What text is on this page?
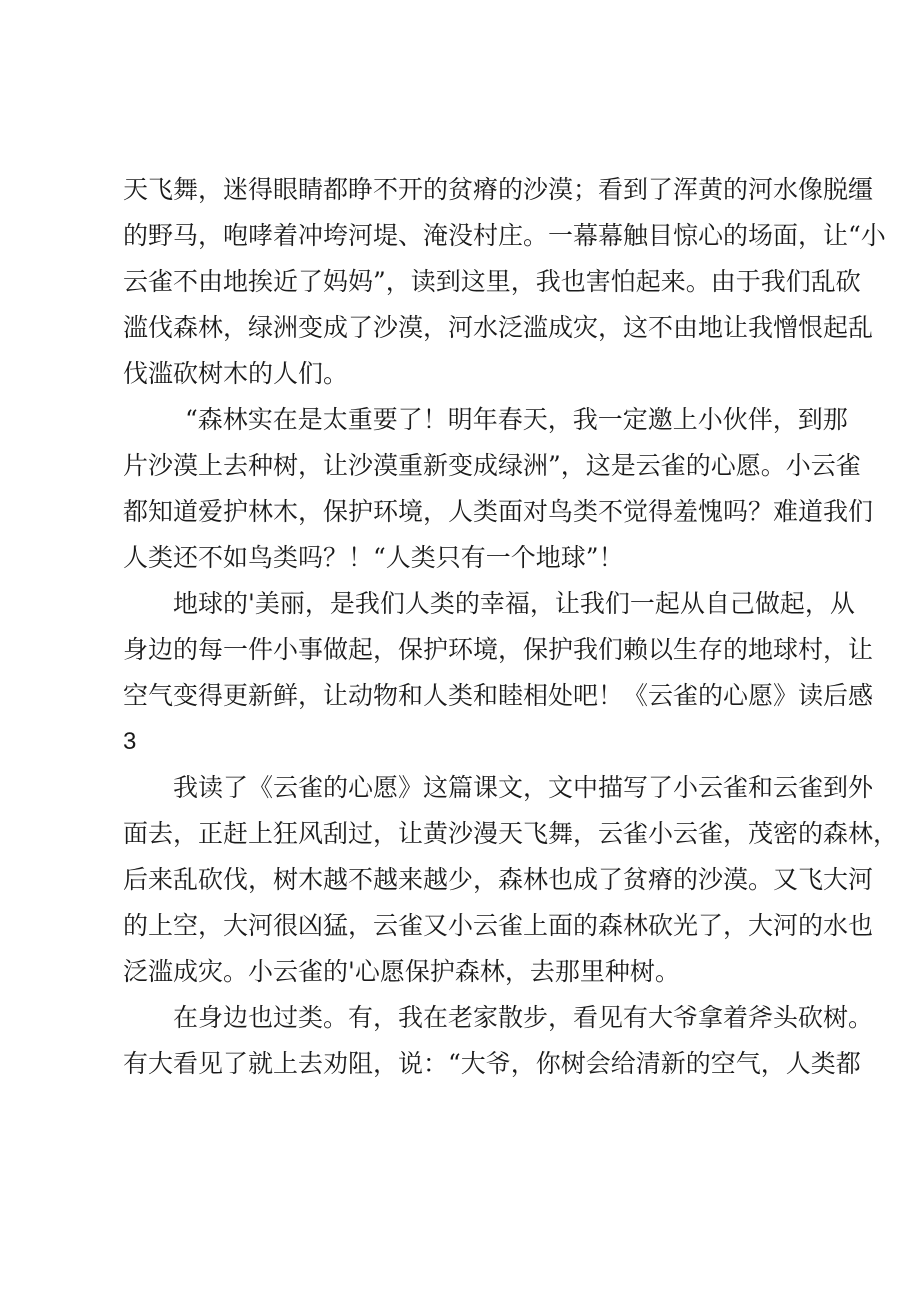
天飞舞，迷得眼睛都睁不开的贫瘠的沙漠；看到了浑黄的河水像脱缰
的野马，咆哮着冲垮河堤、淹没村庄。一幕幕触目惊心的场面，让“小
云雀不由地挨近了妈妈”，读到这里，我也害怕起来。由于我们乱砍
滥伐森林，绿洲变成了沙漠，河水泛滥成灾，这不由地让我憎恨起乱
伐滥砍树木的人们。
“森林实在是太重要了！明年春天，我一定邀上小伙伴，到那
片沙漠上去种树，让沙漠重新变成绿洲”，这是云雀的心愿。小云雀
都知道爱护林木，保护环境，人类面对鸟类不觉得羞愧吗？难道我们
人类还不如鸟类吗？！“人类只有一个地球”！
地球的'美丽，是我们人类的幸福，让我们一起从自己做起，从
身边的每一件小事做起，保护环境，保护我们赖以生存的地球村，让
空气变得更新鲜，让动物和人类和睦相处吧！《云雀的心愿》读后感
3
我读了《云雀的心愿》这篇课文，文中描写了小云雀和云雀到外
面去，正赶上狂风刮过，让黄沙漫天飞舞，云雀小云雀，茂密的森林，
后来乱砍伐，树木越不越来越少，森林也成了贫瘠的沙漠。又飞大河
的上空，大河很凶猛，云雀又小云雀上面的森林砍光了，大河的水也
泛滥成灾。小云雀的'心愿保护森林，去那里种树。
在身边也过类。有，我在老家散步，看见有大爷拿着斧头砍树。
有大看见了就上去劝阻，说：“大爷，你树会给清新的空气，人类都
